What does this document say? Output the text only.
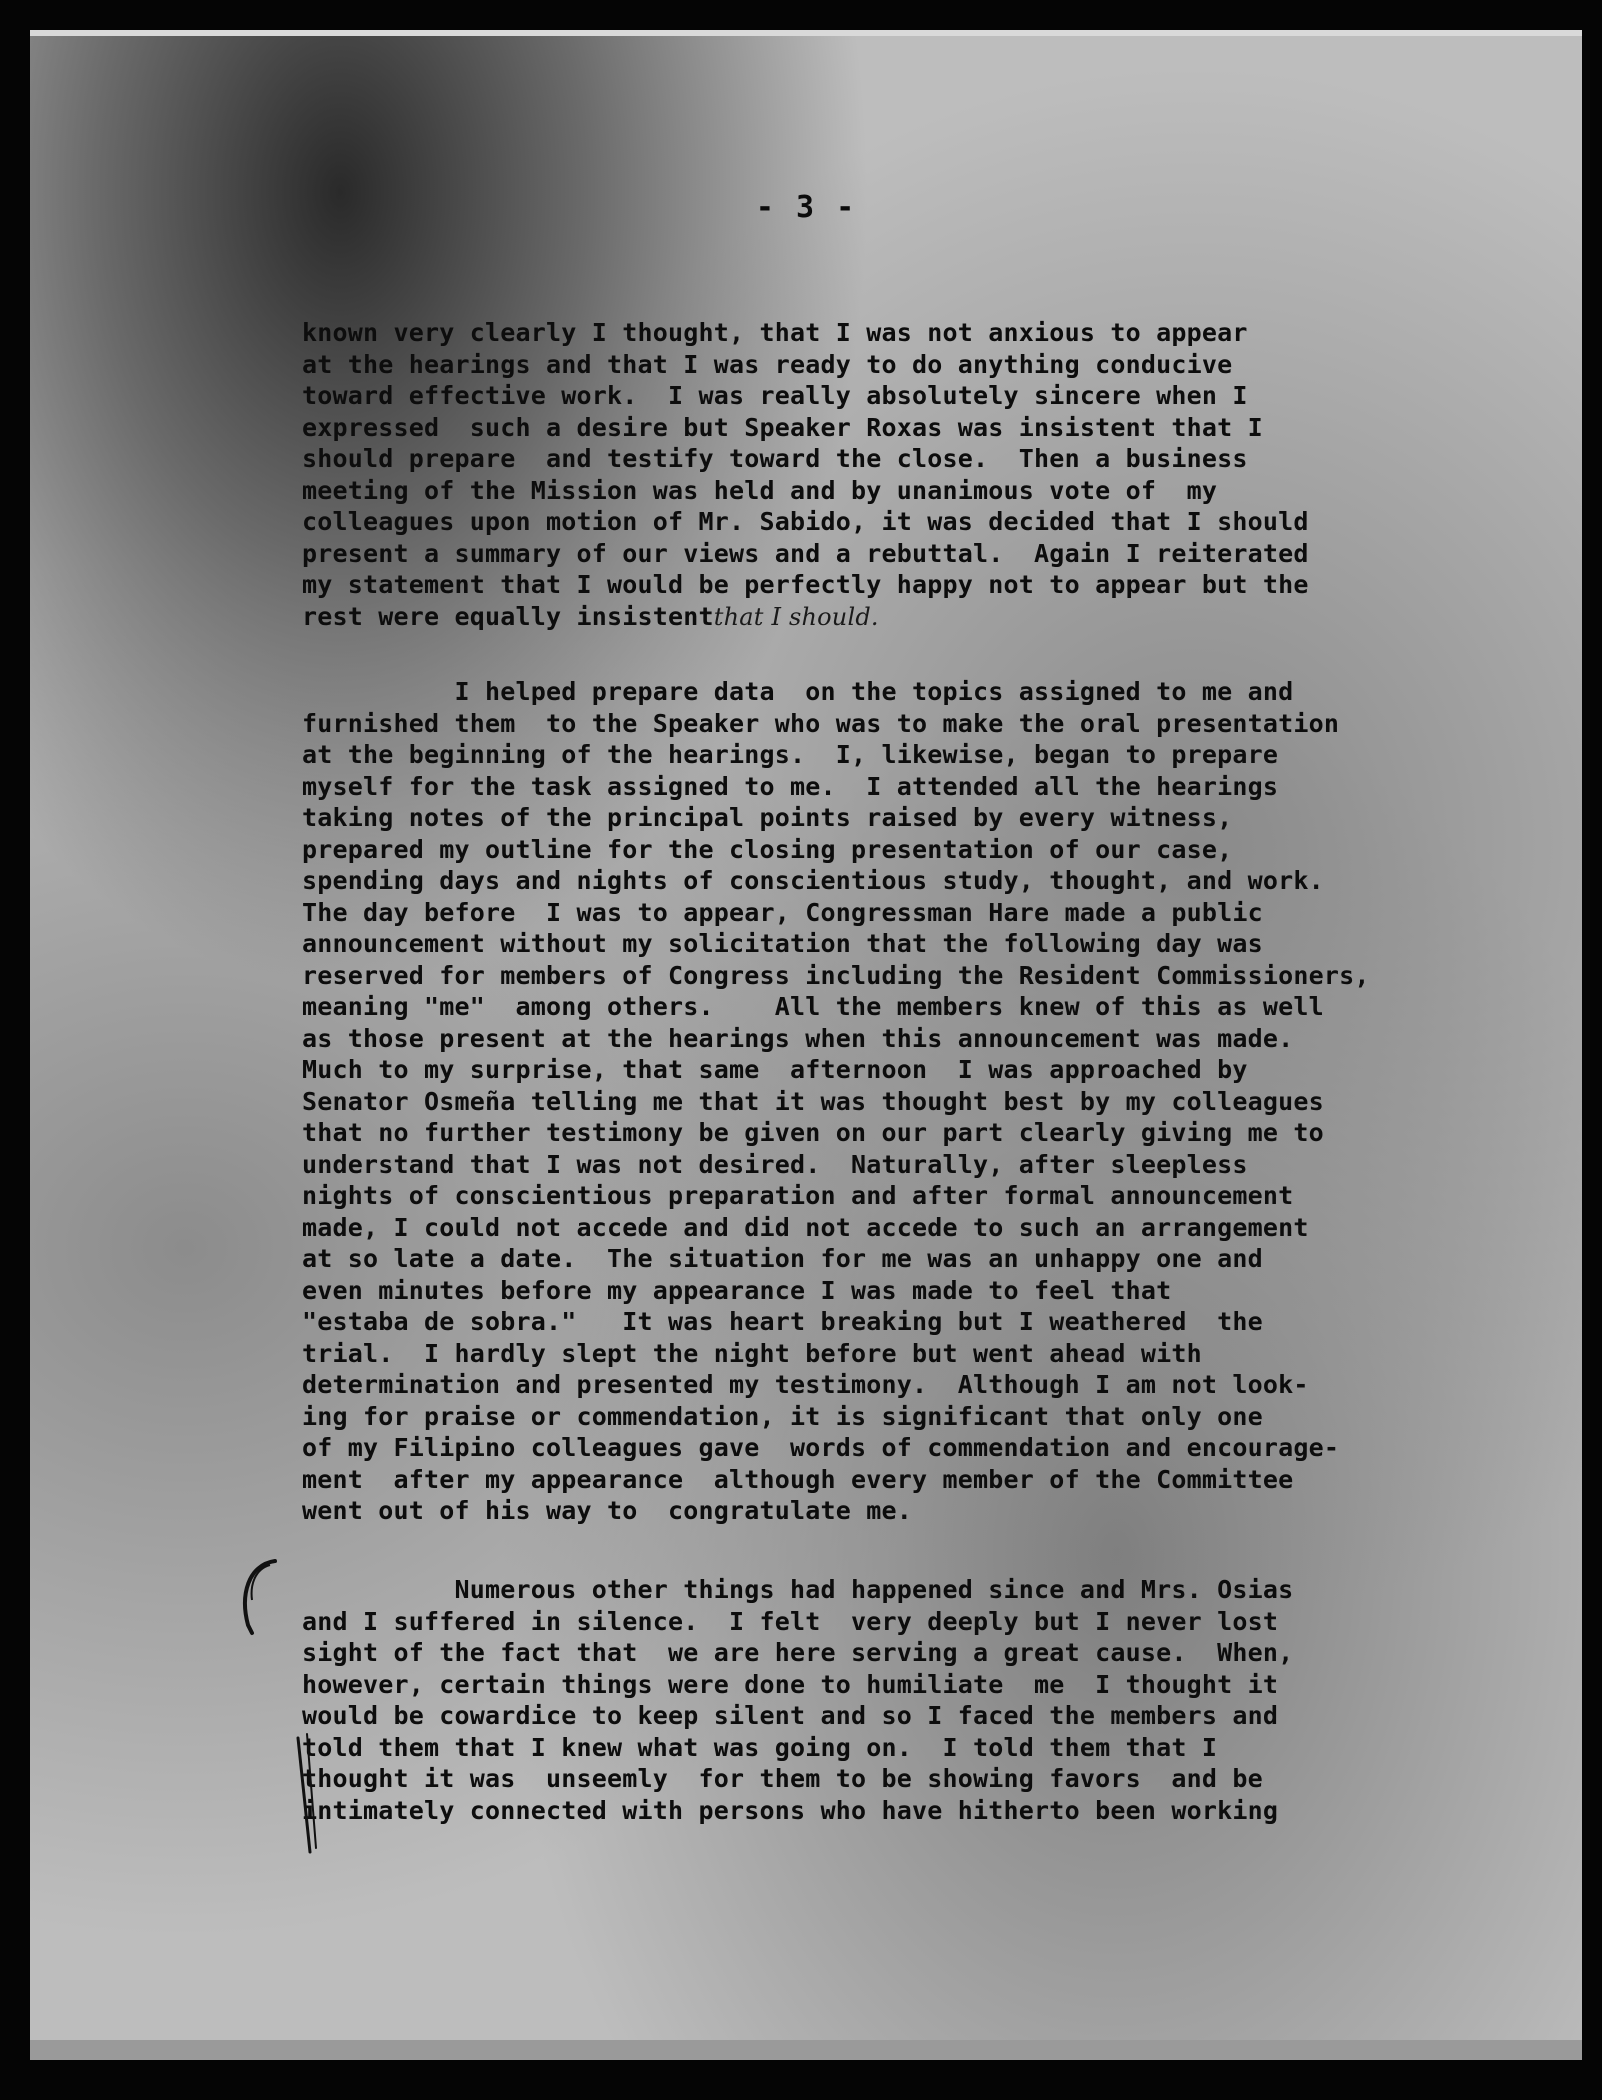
- 3 -
known very clearly I thought, that I was not anxious to appear
at the hearings and that I was ready to do anything conducive
toward effective work.  I was really absolutely sincere when I
expressed  such a desire but Speaker Roxas was insistent that I
should prepare  and testify toward the close.  Then a business
meeting of the Mission was held and by unanimous vote of  my
colleagues upon motion of Mr. Sabido, it was decided that I should
present a summary of our views and a rebuttal.  Again I reiterated
my statement that I would be perfectly happy not to appear but the
rest were equally insistentthat I should.
I helped prepare data  on the topics assigned to me and
furnished them  to the Speaker who was to make the oral presentation
at the beginning of the hearings.  I, likewise, began to prepare
myself for the task assigned to me.  I attended all the hearings
taking notes of the principal points raised by every witness,
prepared my outline for the closing presentation of our case,
spending days and nights of conscientious study, thought, and work.
The day before  I was to appear, Congressman Hare made a public
announcement without my solicitation that the following day was
reserved for members of Congress including the Resident Commissioners,
meaning "me"  among others.    All the members knew of this as well
as those present at the hearings when this announcement was made.
Much to my surprise, that same  afternoon  I was approached by
Senator Osmeña telling me that it was thought best by my colleagues
that no further testimony be given on our part clearly giving me to
understand that I was not desired.  Naturally, after sleepless
nights of conscientious preparation and after formal announcement
made, I could not accede and did not accede to such an arrangement
at so late a date.  The situation for me was an unhappy one and
even minutes before my appearance I was made to feel that
"estaba de sobra."   It was heart breaking but I weathered  the
trial.  I hardly slept the night before but went ahead with
determination and presented my testimony.  Although I am not look-
ing for praise or commendation, it is significant that only one
of my Filipino colleagues gave  words of commendation and encourage-
ment  after my appearance  although every member of the Committee
went out of his way to  congratulate me.
Numerous other things had happened since and Mrs. Osias
and I suffered in silence.  I felt  very deeply but I never lost
sight of the fact that  we are here serving a great cause.  When,
however, certain things were done to humiliate  me  I thought it
would be cowardice to keep silent and so I faced the members and
told them that I knew what was going on.  I told them that I
thought it was  unseemly  for them to be showing favors  and be
intimately connected with persons who have hitherto been working
